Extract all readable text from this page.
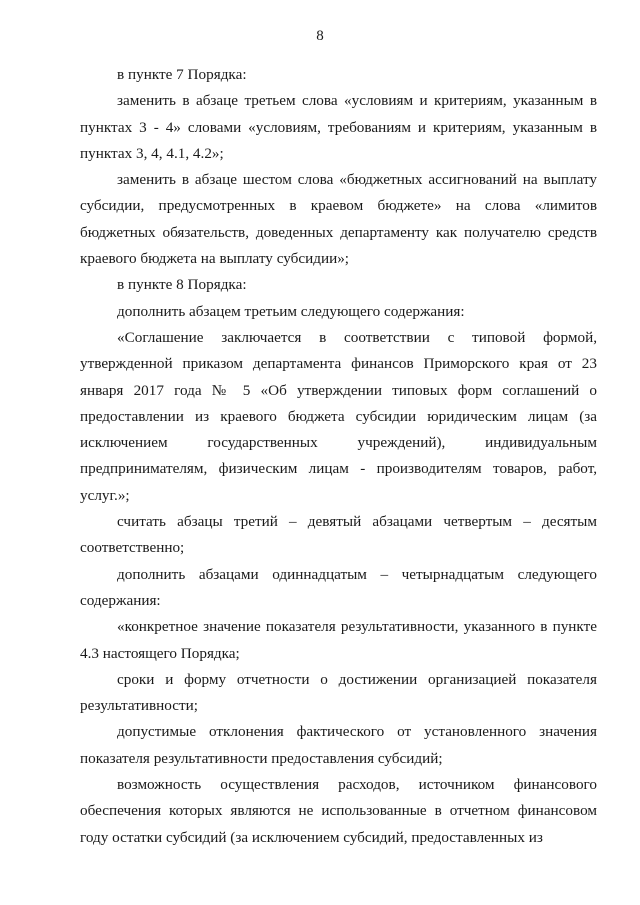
8

в пункте 7 Порядка:

заменить в абзаце третьем слова «условиям и критериям, указанным в пунктах 3 - 4» словами «условиям, требованиям и критериям, указанным в пунктах 3, 4, 4.1, 4.2»;

заменить в абзаце шестом слова «бюджетных ассигнований на выплату субсидии, предусмотренных в краевом бюджете» на слова «лимитов бюджетных обязательств, доведенных департаменту как получателю средств краевого бюджета на выплату субсидии»;

в пункте 8 Порядка:

дополнить абзацем третьим следующего содержания:

«Соглашение заключается в соответствии с типовой формой, утвержденной приказом департамента финансов Приморского края от 23 января 2017 года № 5 «Об утверждении типовых форм соглашений о предоставлении из краевого бюджета субсидии юридическим лицам (за исключением государственных учреждений), индивидуальным предпринимателям, физическим лицам - производителям товаров, работ, услуг.»;

считать абзацы третий – девятый абзацами четвертым – десятым соответственно;

дополнить абзацами одиннадцатым – четырнадцатым следующего содержания:

«конкретное значение показателя результативности, указанного в пункте 4.3 настоящего Порядка;

сроки и форму отчетности о достижении организацией показателя результативности;

допустимые отклонения фактического от установленного значения показателя результативности предоставления субсидий;

возможность осуществления расходов, источником финансового обеспечения которых являются не использованные в отчетном финансовом году остатки субсидий (за исключением субсидий, предоставленных из
